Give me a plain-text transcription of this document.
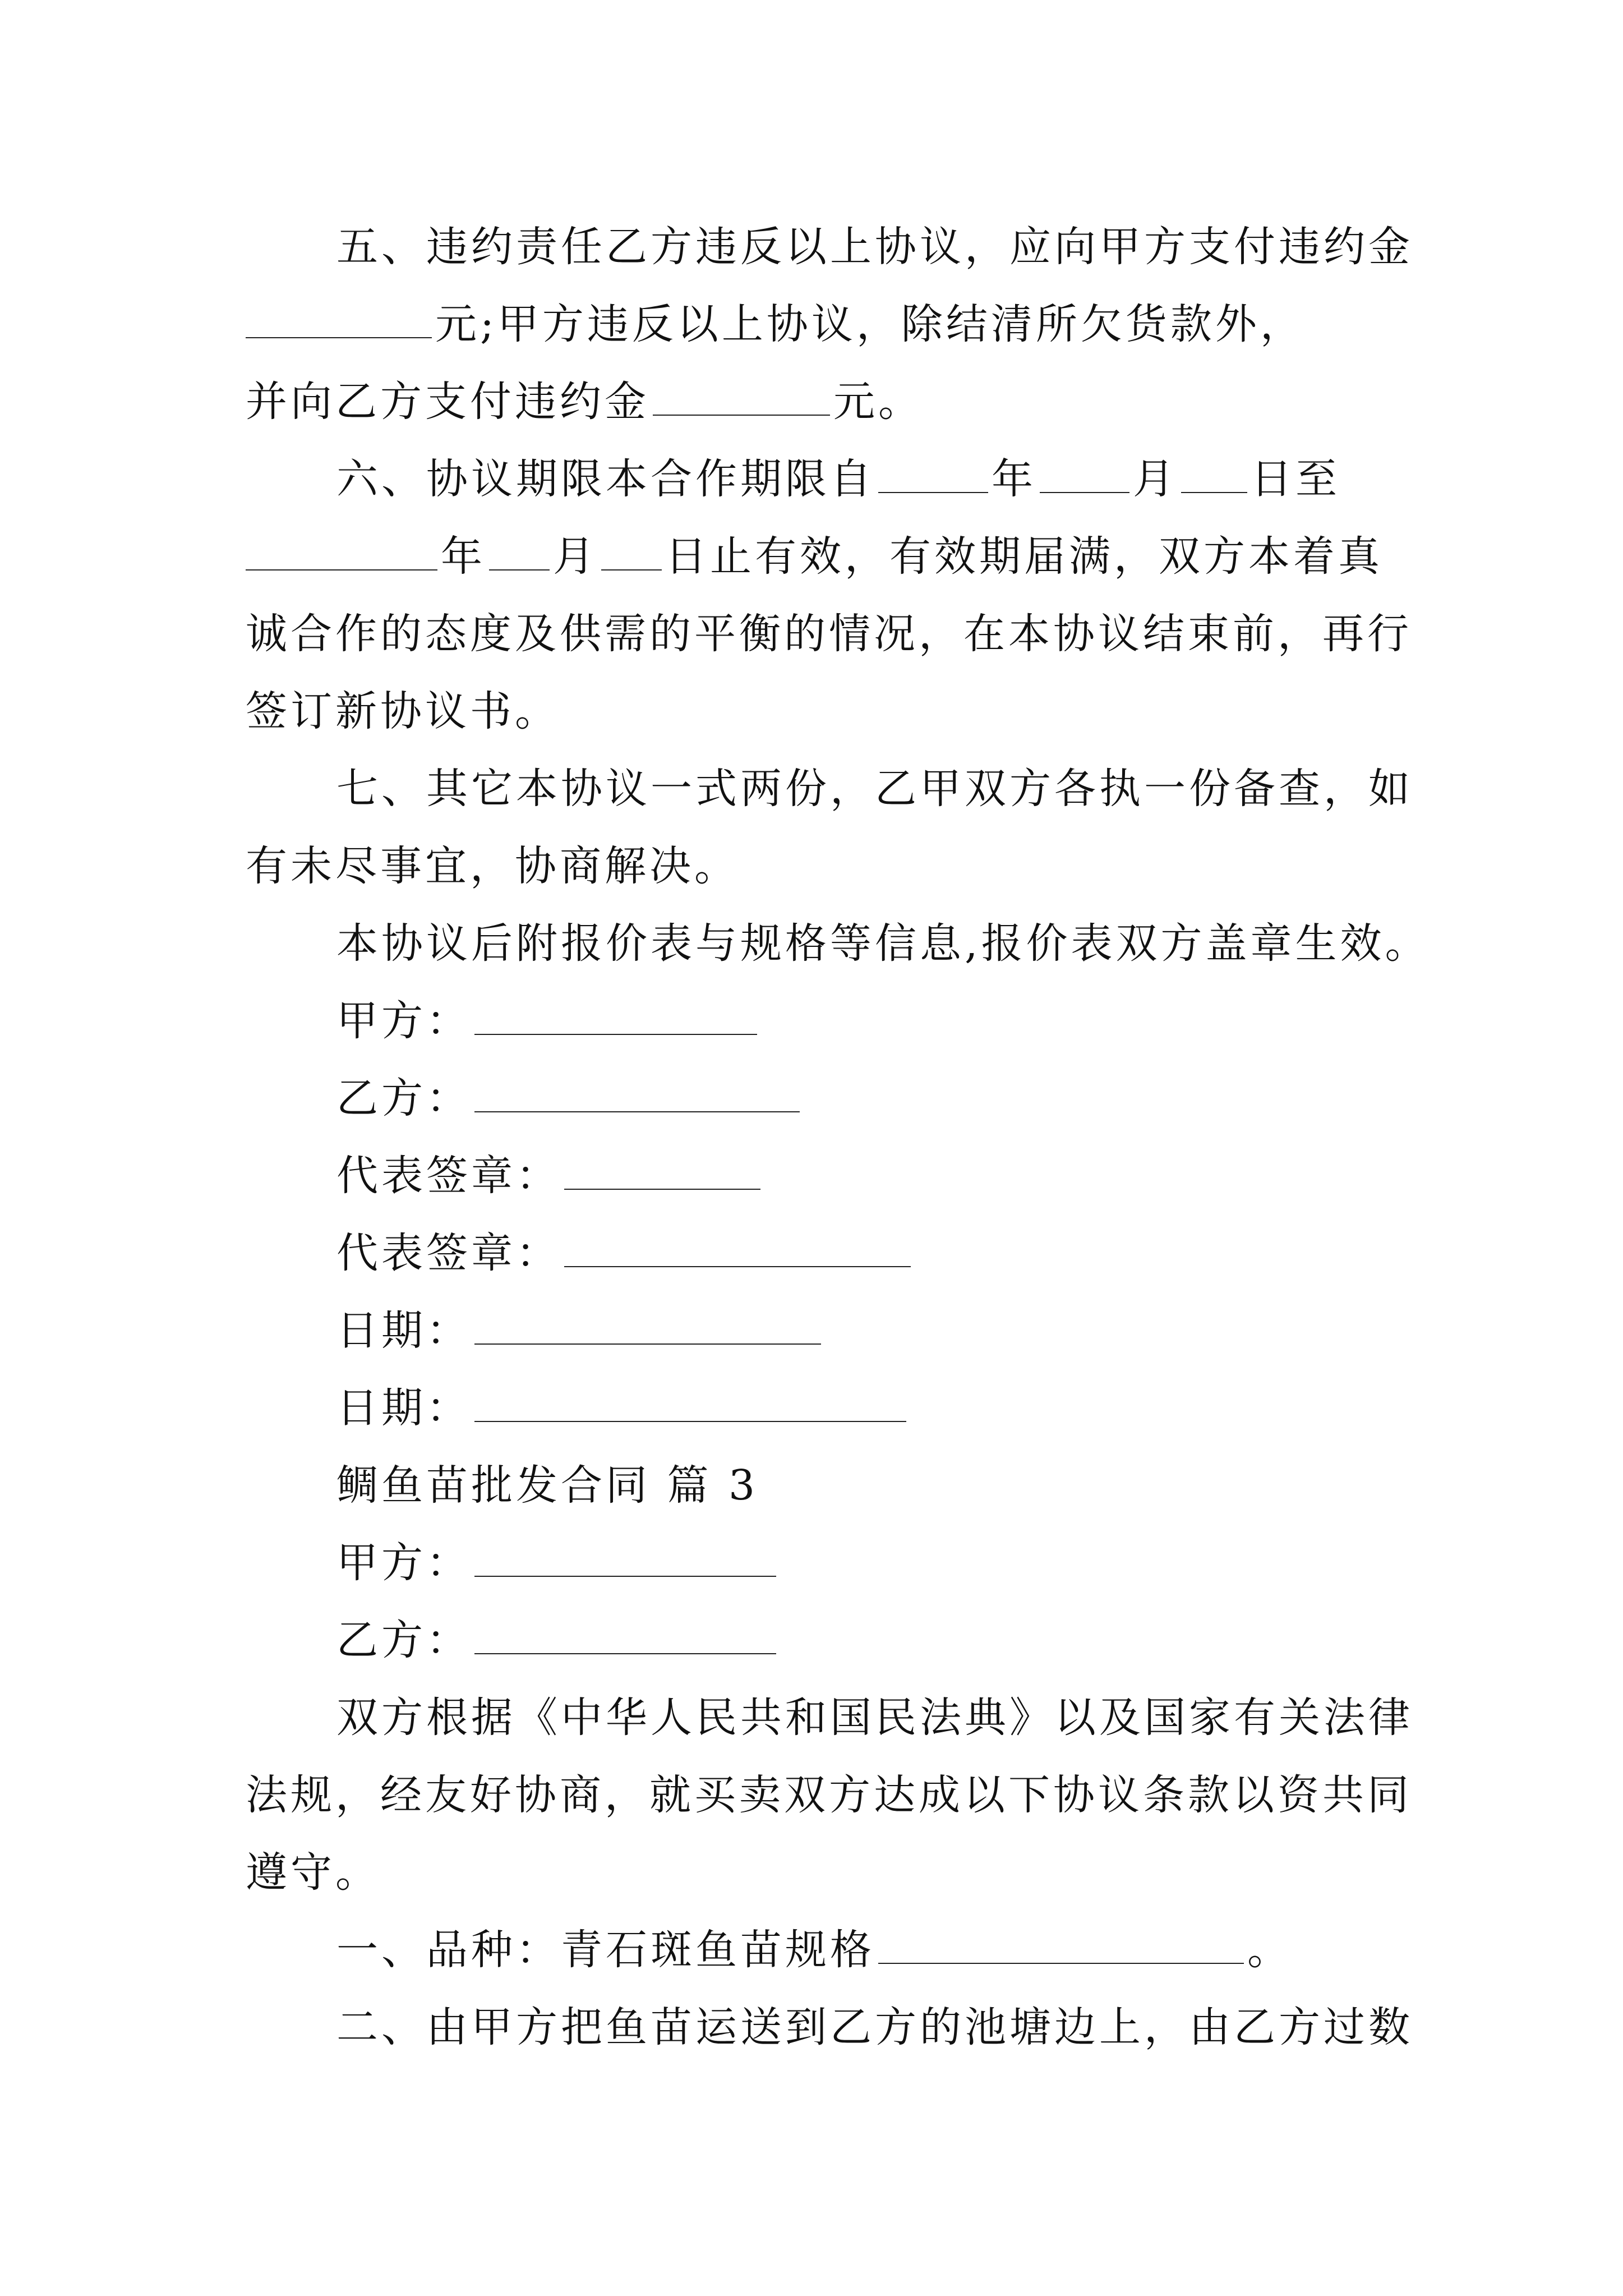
五、违约责任乙方违反以上协议，应向甲方支付违约金
元;甲方违反以上协议，除结清所欠货款外，
并向乙方支付违约金	元。
六、协议期限本合作期限自	年 月 日至
年 月 日止有效，有效期届满，双方本着真
诚合作的态度及供需的平衡的情况，在本协议结束前，再行
签订新协议书。
七、其它本协议一式两份，乙甲双方各执一份备查，如
有未尽事宜，协商解决。
本协议后附报价表与规格等信息,报价表双方盖章生效。
甲方：
乙方：
代表签章：
代表签章：
日期：
日期：
鲷鱼苗批发合同 篇 3
甲方：
乙方：
双方根据《中华人民共和国民法典》以及国家有关法律
法规，经友好协商，就买卖双方达成以下协议条款以资共同
遵守。
一、品种：青石斑鱼苗规格	。
二、由甲方把鱼苗运送到乙方的池塘边上，由乙方过数
